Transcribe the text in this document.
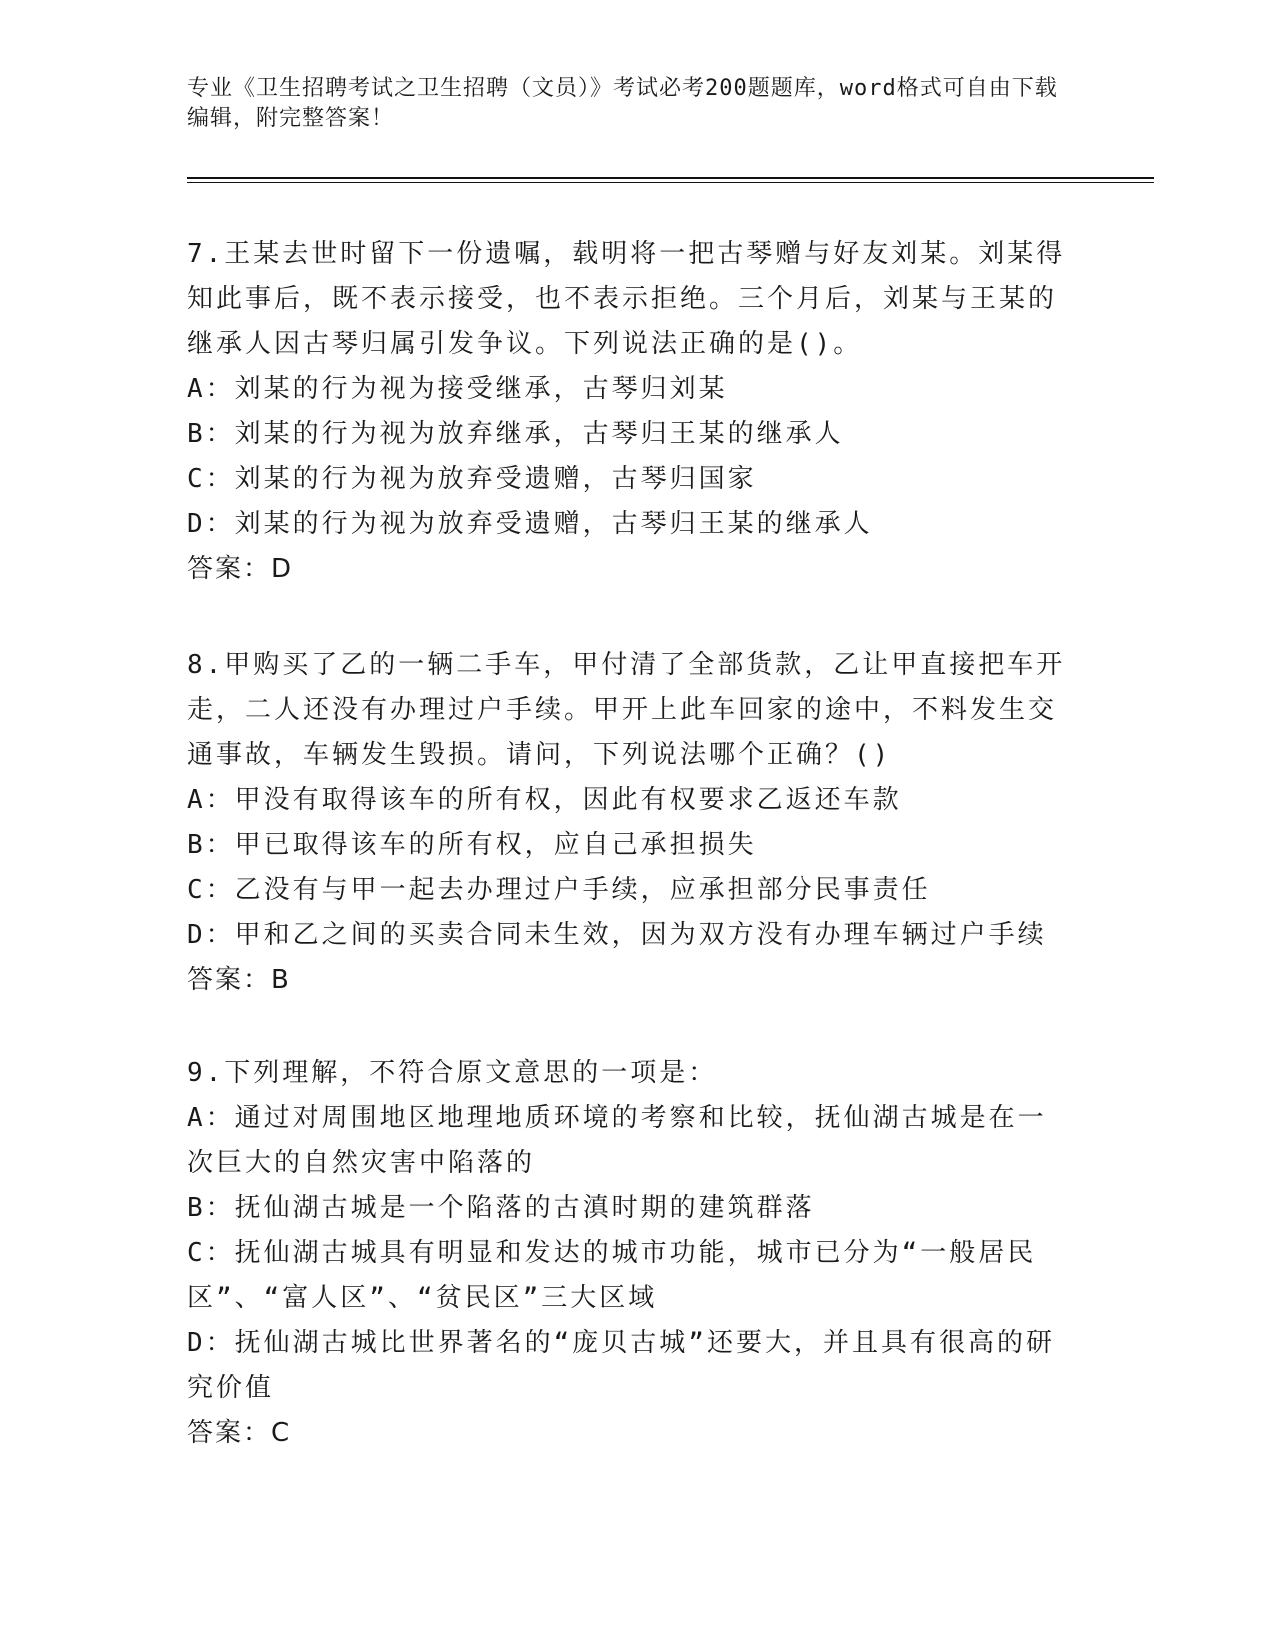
专业《卫生招聘考试之卫生招聘（文员）》考试必考200题题库，word格式可自由下载编辑，附完整答案！
7.王某去世时留下一份遗嘱，载明将一把古琴赠与好友刘某。刘某得知此事后，既不表示接受，也不表示拒绝。三个月后，刘某与王某的继承人因古琴归属引发争议。下列说法正确的是()。
A：刘某的行为视为接受继承，古琴归刘某
B：刘某的行为视为放弃继承，古琴归王某的继承人
C：刘某的行为视为放弃受遗赠，古琴归国家
D：刘某的行为视为放弃受遗赠，古琴归王某的继承人
答案：D
8.甲购买了乙的一辆二手车，甲付清了全部货款，乙让甲直接把车开走，二人还没有办理过户手续。甲开上此车回家的途中，不料发生交通事故，车辆发生毁损。请问，下列说法哪个正确？()
A：甲没有取得该车的所有权，因此有权要求乙返还车款
B：甲已取得该车的所有权，应自己承担损失
C：乙没有与甲一起去办理过户手续，应承担部分民事责任
D：甲和乙之间的买卖合同未生效，因为双方没有办理车辆过户手续
答案：B
9.下列理解，不符合原文意思的一项是：
A：通过对周围地区地理地质环境的考察和比较，抚仙湖古城是在一次巨大的自然灾害中陷落的
B：抚仙湖古城是一个陷落的古滇时期的建筑群落
C：抚仙湖古城具有明显和发达的城市功能，城市已分为“一般居民区”、“富人区”、“贫民区”三大区域
D：抚仙湖古城比世界著名的“庞贝古城”还要大，并且具有很高的研究价值
答案：C
